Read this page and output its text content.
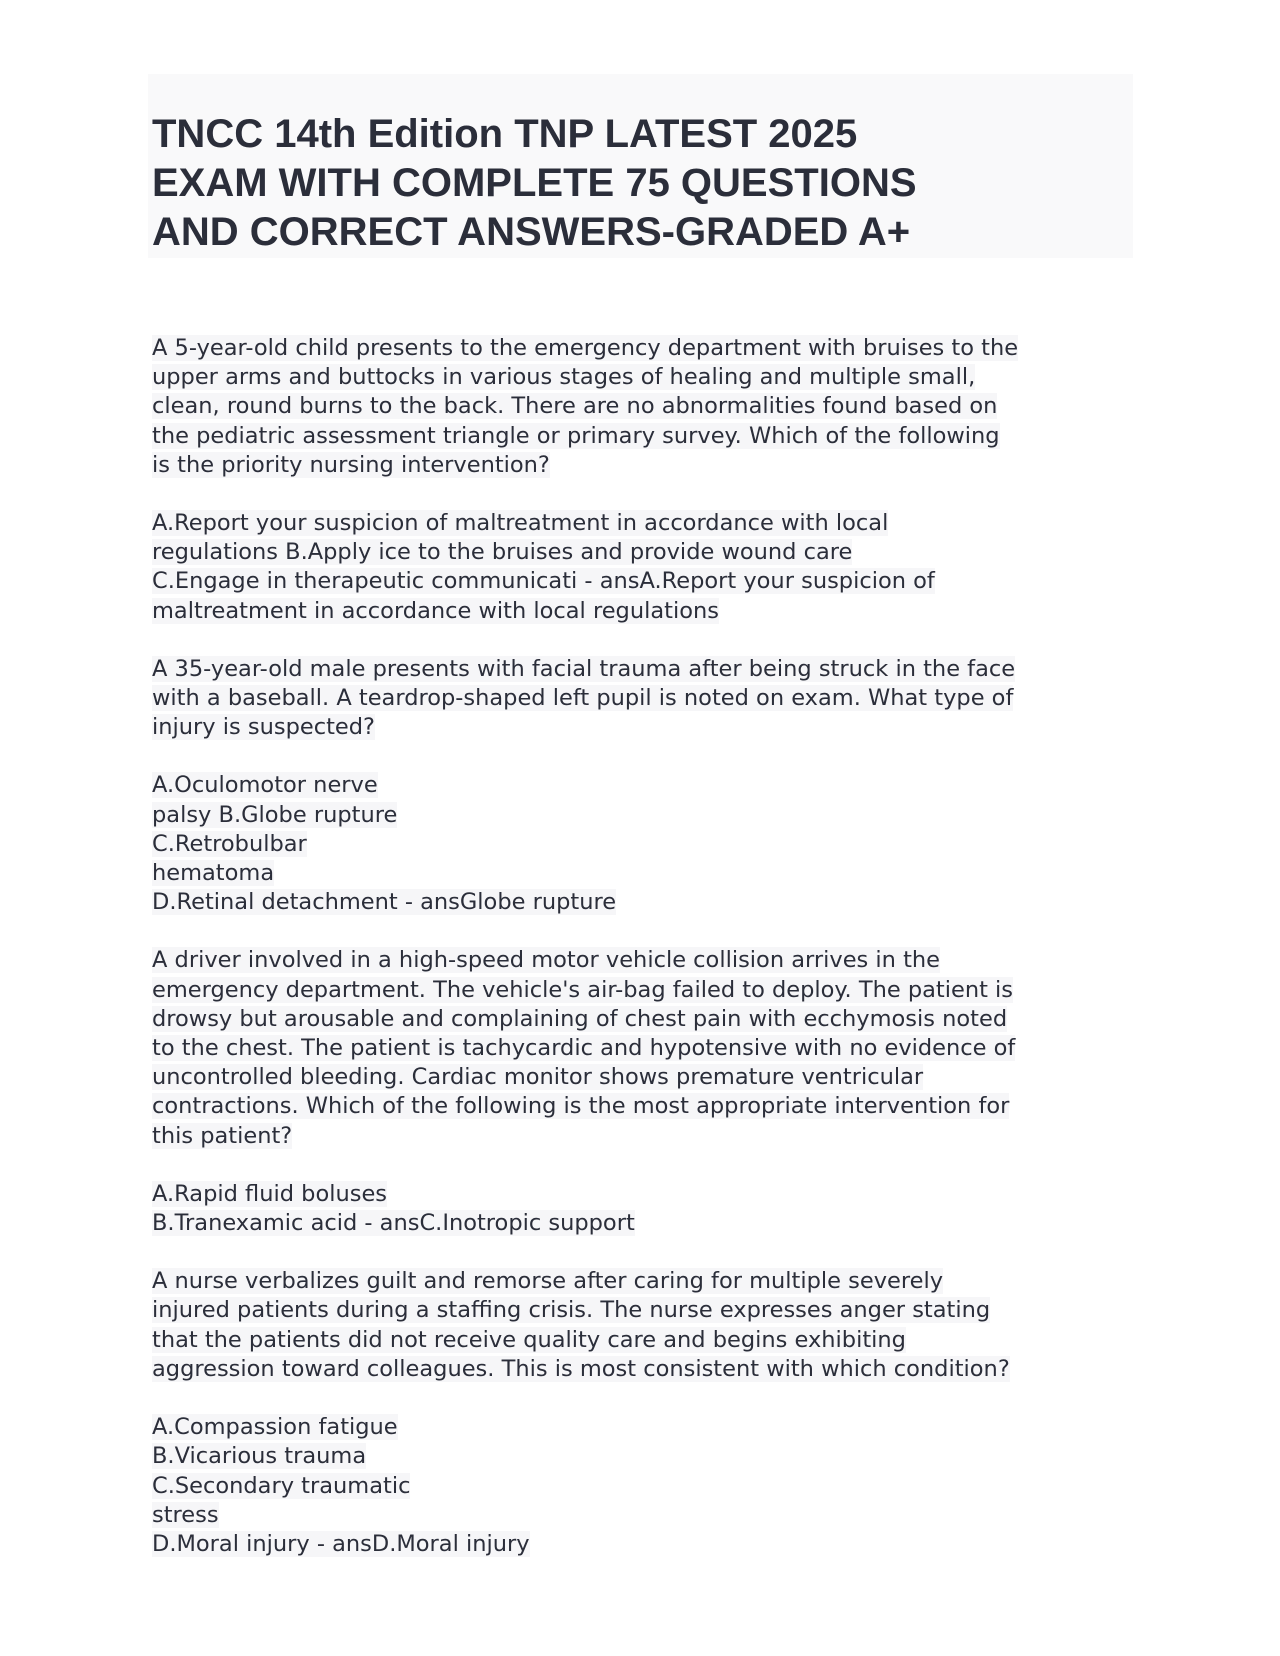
TNCC 14th Edition TNP LATEST 2025
EXAM WITH COMPLETE 75 QUESTIONS
AND CORRECT ANSWERS-GRADED A+
A 5-year-old child presents to the emergency department with bruises to the
upper arms and buttocks in various stages of healing and multiple small,
clean, round burns to the back. There are no abnormalities found based on
the pediatric assessment triangle or primary survey. Which of the following
is the priority nursing intervention?
A.Report your suspicion of maltreatment in accordance with local
regulations B.Apply ice to the bruises and provide wound care
C.Engage in therapeutic communicati - ansA.Report your suspicion of
maltreatment in accordance with local regulations
A 35-year-old male presents with facial trauma after being struck in the face
with a baseball. A teardrop-shaped left pupil is noted on exam. What type of
injury is suspected?
A.Oculomotor nerve
palsy B.Globe rupture
C.Retrobulbar
hematoma
D.Retinal detachment - ansGlobe rupture
A driver involved in a high-speed motor vehicle collision arrives in the
emergency department. The vehicle's air-bag failed to deploy. The patient is
drowsy but arousable and complaining of chest pain with ecchymosis noted
to the chest. The patient is tachycardic and hypotensive with no evidence of
uncontrolled bleeding. Cardiac monitor shows premature ventricular
contractions. Which of the following is the most appropriate intervention for
this patient?
A.Rapid fluid boluses
B.Tranexamic acid - ansC.Inotropic support
A nurse verbalizes guilt and remorse after caring for multiple severely
injured patients during a staffing crisis. The nurse expresses anger stating
that the patients did not receive quality care and begins exhibiting
aggression toward colleagues. This is most consistent with which condition?
A.Compassion fatigue
B.Vicarious trauma
C.Secondary traumatic
stress
D.Moral injury - ansD.Moral injury
